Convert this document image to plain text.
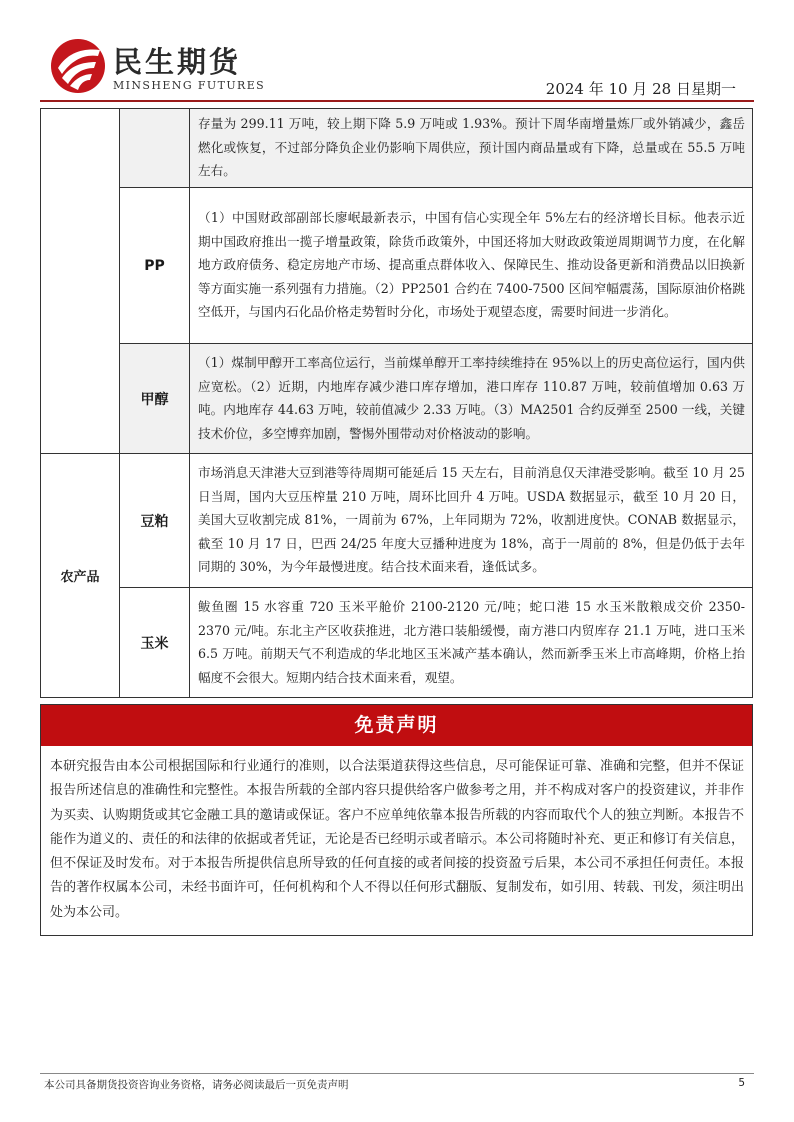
民生期货
MINSHENG FUTURES	2024 年 10 月 28 日星期一
		存量为 299.11 万吨，较上期下降 5.9 万吨或 1.93%。预计下周华南增量炼厂或外销减少，鑫岳燃化或恢复，不过部分降负企业仍影响下周供应，预计国内商品量或有下降，总量或在 55.5 万吨左右。
	PP	（1）中国财政部副部长廖岷最新表示，中国有信心实现全年 5%左右的经济增长目标。他表示近期中国政府推出一揽子增量政策，除货币政策外，中国还将加大财政政策逆周期调节力度，在化解地方政府债务、稳定房地产市场、提高重点群体收入、保障民生、推动设备更新和消费品以旧换新等方面实施一系列强有力措施。（2）PP2501 合约在 7400-7500 区间窄幅震荡，国际原油价格跳空低开，与国内石化品价格走势暂时分化，市场处于观望态度，需要时间进一步消化。
	甲醇	（1）煤制甲醇开工率高位运行，当前煤单醇开工率持续维持在 95%以上的历史高位运行，国内供应宽松。（2）近期，内地库存减少港口库存增加，港口库存 110.87 万吨，较前值增加 0.63 万吨。内地库存 44.63 万吨，较前值减少 2.33 万吨。（3）MA2501 合约反弹至 2500 一线，关键技术价位，多空博弈加剧，警惕外围带动对价格波动的影响。
农产品	豆粕	市场消息天津港大豆到港等待周期可能延后 15 天左右，目前消息仅天津港受影响。截至 10 月 25 日当周，国内大豆压榨量 210 万吨，周环比回升 4 万吨。USDA 数据显示，截至 10 月 20 日，美国大豆收割完成 81%，一周前为 67%，上年同期为 72%，收割进度快。CONAB 数据显示，截至 10 月 17 日，巴西 24/25 年度大豆播种进度为 18%，高于一周前的 8%，但是仍低于去年同期的 30%，为今年最慢进度。结合技术面来看，逢低试多。
	玉米	鲅鱼圈 15 水容重 720 玉米平舱价 2100-2120 元/吨；蛇口港 15 水玉米散粮成交价 2350-2370 元/吨。东北主产区收获推进，北方港口装船缓慢，南方港口内贸库存 21.1 万吨，进口玉米 6.5 万吨。前期天气不利造成的华北地区玉米减产基本确认，然而新季玉米上市高峰期，价格上抬幅度不会很大。短期内结合技术面来看，观望。
免责声明
本研究报告由本公司根据国际和行业通行的准则，以合法渠道获得这些信息，尽可能保证可靠、准确和完整，但并不保证报告所述信息的准确性和完整性。本报告所载的全部内容只提供给客户做参考之用，并不构成对客户的投资建议，并非作为买卖、认购期货或其它金融工具的邀请或保证。客户不应单纯依靠本报告所载的内容而取代个人的独立判断。本报告不能作为道义的、责任的和法律的依据或者凭证，无论是否已经明示或者暗示。本公司将随时补充、更正和修订有关信息，但不保证及时发布。对于本报告所提供信息所导致的任何直接的或者间接的投资盈亏后果，本公司不承担任何责任。本报告的著作权属本公司，未经书面许可，任何机构和个人不得以任何形式翻版、复制发布，如引用、转载、刊发，须注明出处为本公司。
本公司具备期货投资咨询业务资格，请务必阅读最后一页免责声明	5
